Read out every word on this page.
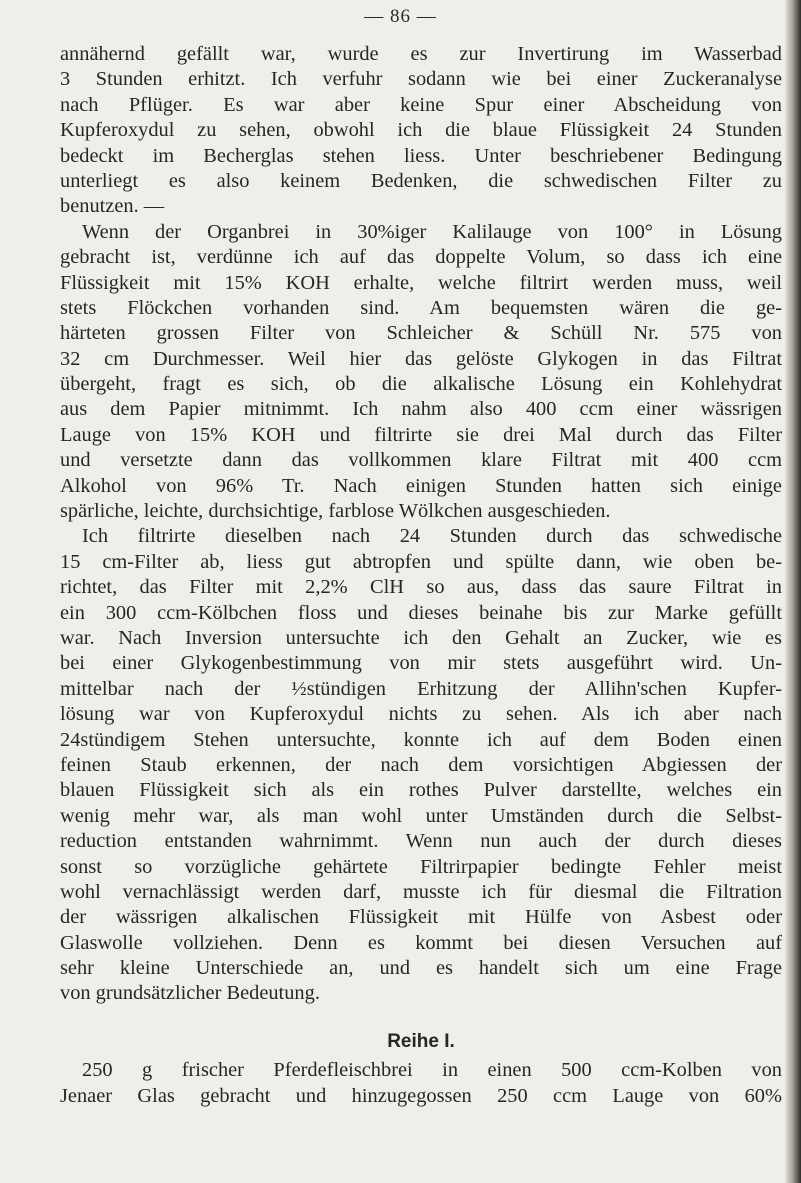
— 86 —
annähernd gefällt war, wurde es zur Invertirung im Wasserbad
3 Stunden erhitzt. Ich verfuhr sodann wie bei einer Zuckeranalyse
nach Pflüger. Es war aber keine Spur einer Abscheidung von
Kupferoxydul zu sehen, obwohl ich die blaue Flüssigkeit 24 Stunden
bedeckt im Becherglas stehen liess. Unter beschriebener Bedingung
unterliegt es also keinem Bedenken, die schwedischen Filter zu
benutzen. —
Wenn der Organbrei in 30%iger Kalilauge von 100° in Lösung
gebracht ist, verdünne ich auf das doppelte Volum, so dass ich eine
Flüssigkeit mit 15% KOH erhalte, welche filtrirt werden muss, weil
stets Flöckchen vorhanden sind. Am bequemsten wären die ge-
härteten grossen Filter von Schleicher & Schüll Nr. 575 von
32 cm Durchmesser. Weil hier das gelöste Glykogen in das Filtrat
übergeht, fragt es sich, ob die alkalische Lösung ein Kohlehydrat
aus dem Papier mitnimmt. Ich nahm also 400 ccm einer wässrigen
Lauge von 15% KOH und filtrirte sie drei Mal durch das Filter
und versetzte dann das vollkommen klare Filtrat mit 400 ccm
Alkohol von 96% Tr. Nach einigen Stunden hatten sich einige
spärliche, leichte, durchsichtige, farblose Wölkchen ausgeschieden.
Ich filtrirte dieselben nach 24 Stunden durch das schwedische
15 cm-Filter ab, liess gut abtropfen und spülte dann, wie oben be-
richtet, das Filter mit 2,2% ClH so aus, dass das saure Filtrat in
ein 300 ccm-Kölbchen floss und dieses beinahe bis zur Marke gefüllt
war. Nach Inversion untersuchte ich den Gehalt an Zucker, wie es
bei einer Glykogenbestimmung von mir stets ausgeführt wird. Un-
mittelbar nach der ½stündigen Erhitzung der Allihn'schen Kupfer-
lösung war von Kupferoxydul nichts zu sehen. Als ich aber nach
24stündigem Stehen untersuchte, konnte ich auf dem Boden einen
feinen Staub erkennen, der nach dem vorsichtigen Abgiessen der
blauen Flüssigkeit sich als ein rothes Pulver darstellte, welches ein
wenig mehr war, als man wohl unter Umständen durch die Selbst-
reduction entstanden wahrnimmt. Wenn nun auch der durch dieses
sonst so vorzügliche gehärtete Filtrirpapier bedingte Fehler meist
wohl vernachlässigt werden darf, musste ich für diesmal die Filtration
der wässrigen alkalischen Flüssigkeit mit Hülfe von Asbest oder
Glaswolle vollziehen. Denn es kommt bei diesen Versuchen auf
sehr kleine Unterschiede an, und es handelt sich um eine Frage
von grundsätzlicher Bedeutung.
Reihe I.
250 g frischer Pferdefleischbrei in einen 500 ccm-Kolben von
Jenaer Glas gebracht und hinzugegossen 250 ccm Lauge von 60%
